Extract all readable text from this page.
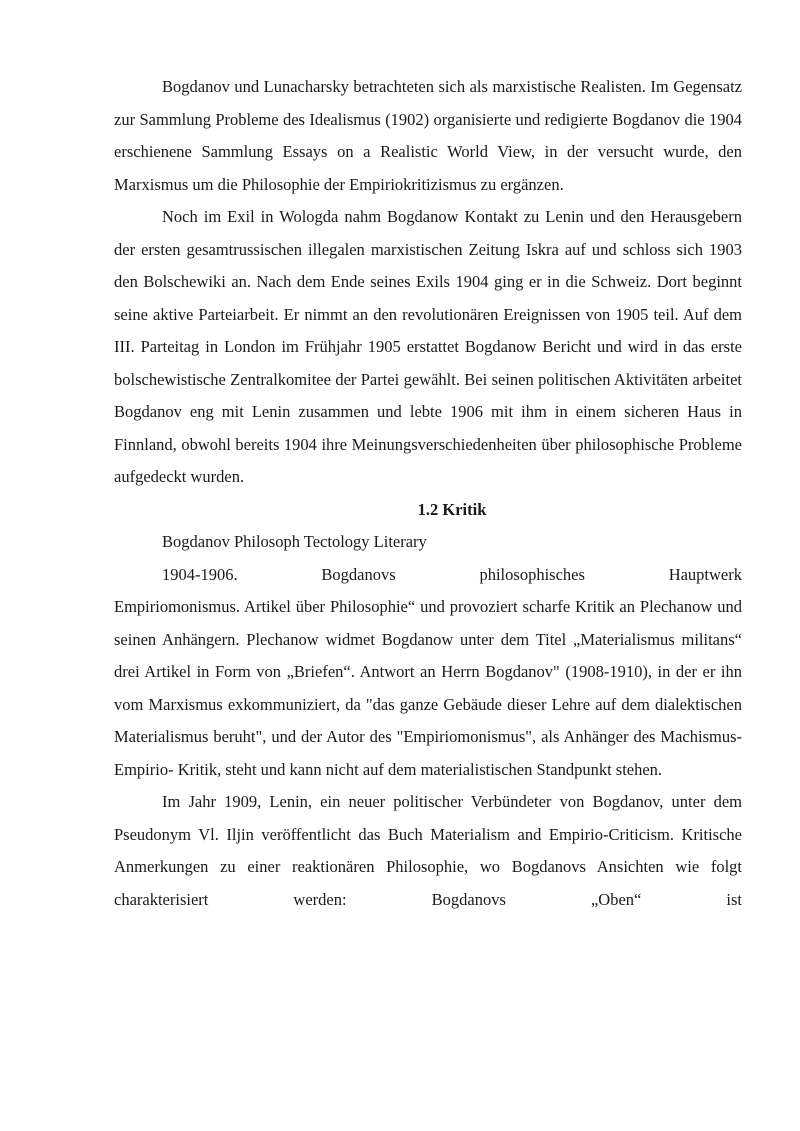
Bogdanov und Lunacharsky betrachteten sich als marxistische Realisten. Im Gegensatz zur Sammlung Probleme des Idealismus (1902) organisierte und redigierte Bogdanov die 1904 erschienene Sammlung Essays on a Realistic World View, in der versucht wurde, den Marxismus um die Philosophie der Empiriokritizismus zu ergänzen.

Noch im Exil in Wologda nahm Bogdanow Kontakt zu Lenin und den Herausgebern der ersten gesamtrussischen illegalen marxistischen Zeitung Iskra auf und schloss sich 1903 den Bolschewiki an. Nach dem Ende seines Exils 1904 ging er in die Schweiz. Dort beginnt seine aktive Parteiarbeit. Er nimmt an den revolutionären Ereignissen von 1905 teil. Auf dem III. Parteitag in London im Frühjahr 1905 erstattet Bogdanow Bericht und wird in das erste bolschewistische Zentralkomitee der Partei gewählt. Bei seinen politischen Aktivitäten arbeitet Bogdanov eng mit Lenin zusammen und lebte 1906 mit ihm in einem sicheren Haus in Finnland, obwohl bereits 1904 ihre Meinungsverschiedenheiten über philosophische Probleme aufgedeckt wurden.

1.2 Kritik

Bogdanov Philosoph Tectology Literary

1904-1906. Bogdanovs philosophisches Hauptwerk

Empiriomonismus. Artikel über Philosophie“ und provoziert scharfe Kritik an Plechanow und seinen Anhängern. Plechanow widmet Bogdanow unter dem Titel „Materialismus militans“ drei Artikel in Form von „Briefen“. Antwort an Herrn Bogdanov" (1908-1910), in der er ihn vom Marxismus exkommuniziert, da "das ganze Gebäude dieser Lehre auf dem dialektischen Materialismus beruht", und der Autor des "Empiriomonismus", als Anhänger des Machismus-Empirio- Kritik, steht und kann nicht auf dem materialistischen Standpunkt stehen.

Im Jahr 1909, Lenin, ein neuer politischer Verbündeter von Bogdanov, unter dem Pseudonym Vl. Iljin veröffentlicht das Buch Materialism and Empirio-Criticism. Kritische Anmerkungen zu einer reaktionären Philosophie, wo Bogdanovs Ansichten wie folgt charakterisiert werden: Bogdanovs „Oben“ ist
